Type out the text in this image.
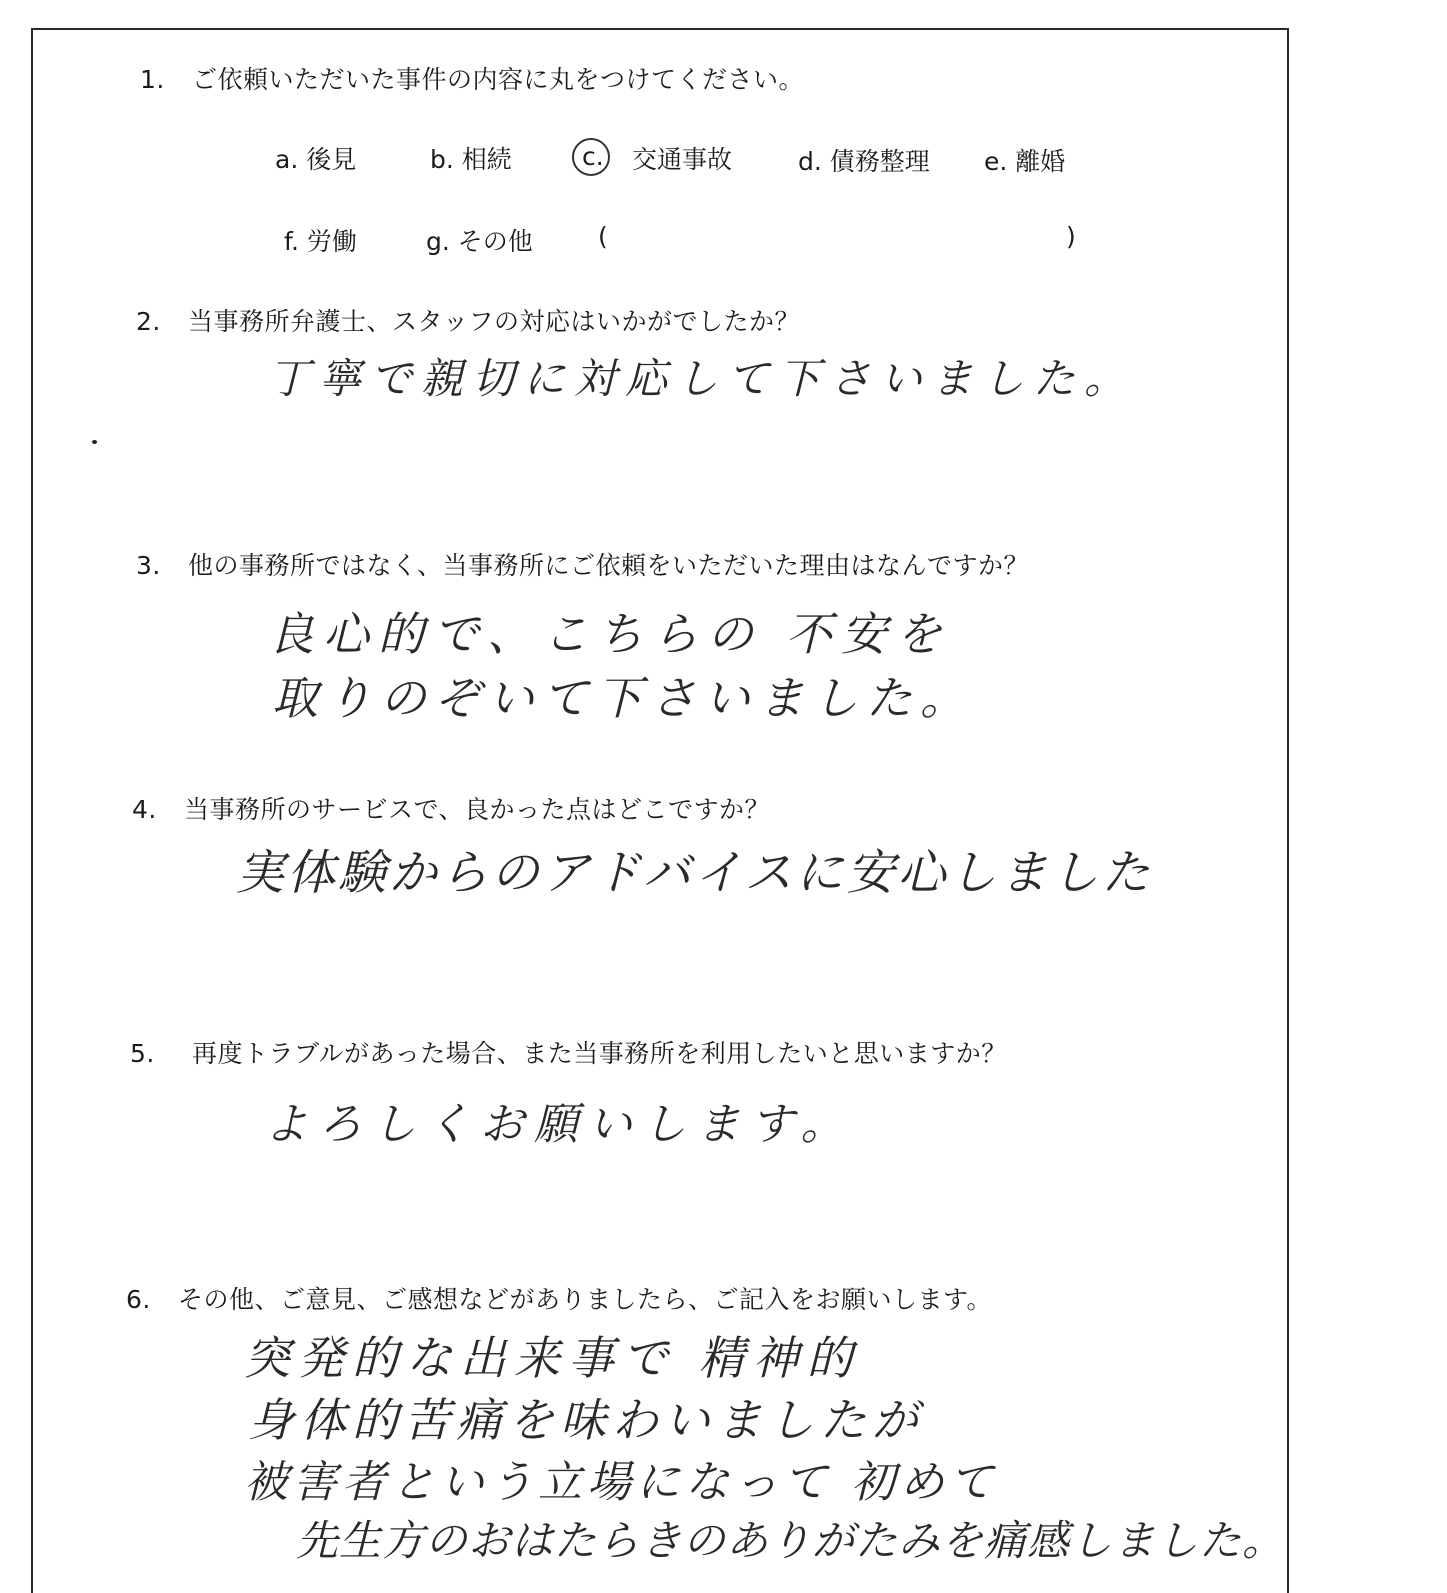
1. ご依頼いただいた事件の内容に丸をつけてください。
a. 後見	b. 相続	c. 交通事故	d. 債務整理 e. 離婚
f. 労働	g. その他	(	)
2. 当事務所弁護士、スタッフの対応はいかがでしたか？
丁寧で親切に対応して下さいました。
3. 他の事務所ではなく、当事務所にご依頼をいただいた理由はなんですか？
良心的で、こちらの 不安を
取りのぞいて下さいました。
4. 当事務所のサービスで、良かった点はどこですか？
実体験からのアドバイスに安心しました
5. 再度トラブルがあった場合、また当事務所を利用したいと思いますか？
よろしくお願いします。
6. その他、ご意見、ご感想などがありましたら、ご記入をお願いします。
突発的な出来事で 精神的
身体的苦痛を味わいましたが
被害者という立場になって 初めて
先生方のおはたらきのありがたみを痛感しました。
